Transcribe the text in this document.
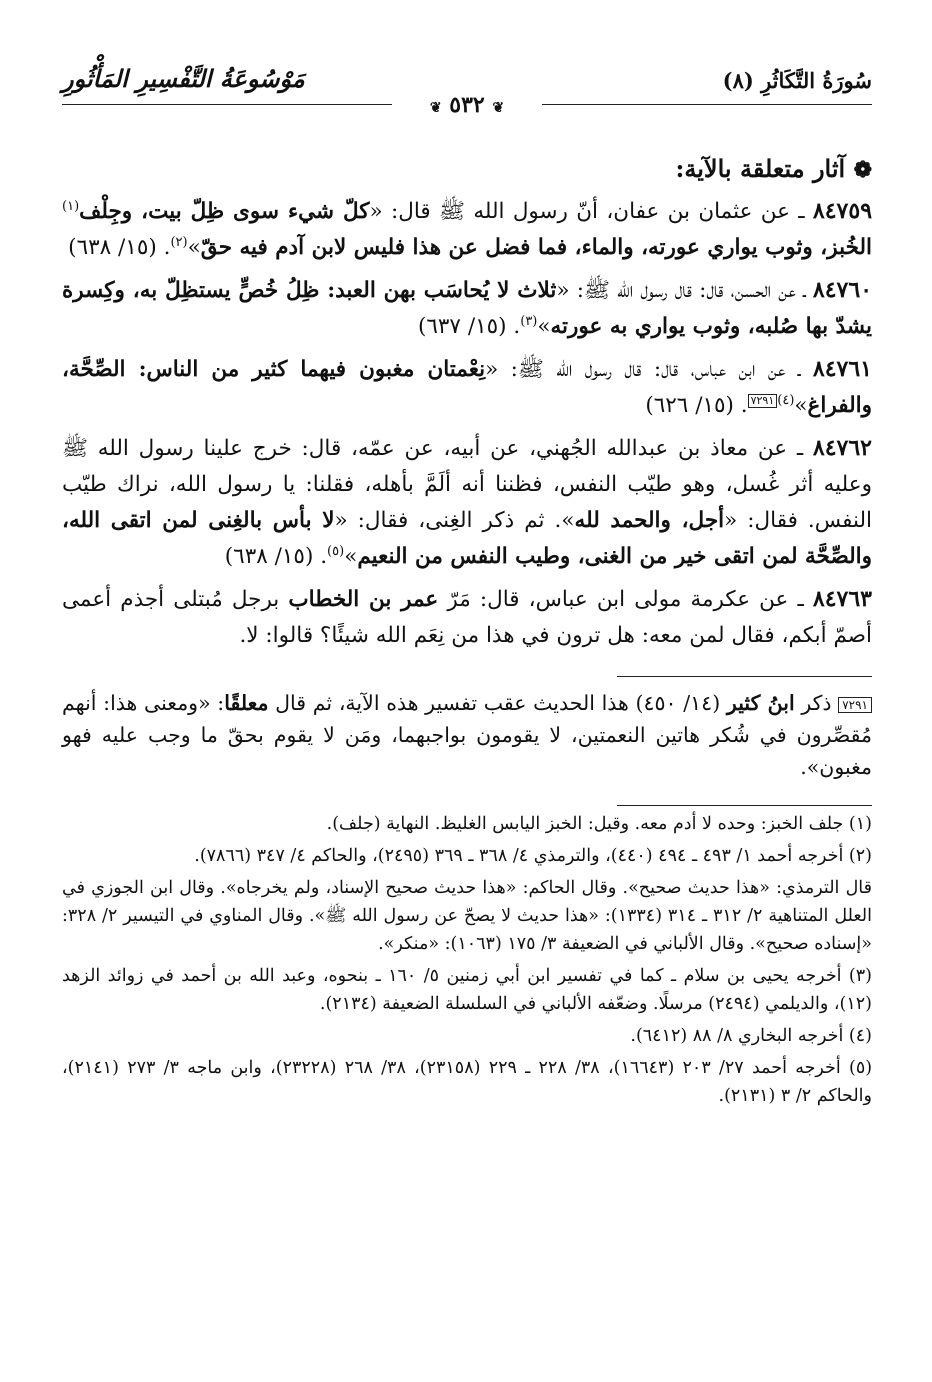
سُورَةُ التَّكَاثُرِ (٨)
مَوْسُوعَةُ التَّفْسِيرِ المَأْثُورِ
❦ ٥٣٢ ❦
❁ آثار متعلقة بالآية:
٨٤٧٥٩ ـ عن عثمان بن عفان، أنّ رسول الله ﷺ قال: «كلّ شيء سوى ظِلّ بيت، وجِلْف$^{(١)}$ الخُبز، وثوب يواري عورته، والماء، فما فضل عن هذا فليس لابن آدم فيه حقّ»$^{(٢)}$. (١٥/ ٦٣٨)
٨٤٧٦٠ ـ عن الحسن، قال: قال رسول الله ﷺ: «ثلاث لا يُحاسَب بهن العبد: ظِلُ خُصٍّ يستظِلّ به، وكِسرة يشدّ بها صُلبه، وثوب يواري به عورته»$^{(٣)}$. (١٥/ ٦٣٧)
٨٤٧٦١ ـ عن ابن عباس، قال: قال رسول الله ﷺ: «نِعْمتان مغبون فيهما كثير من الناس: الصِّحَّة، والفراغ»$^{(٤)}$٧٢٩١. (١٥/ ٦٢٦)
٨٤٧٦٢ ـ عن معاذ بن عبدالله الجُهني، عن أبيه، عن عمّه، قال: خرج علينا رسول الله ﷺ وعليه أثر غُسل، وهو طيّب النفس، فظننا أنه ألَمَّ بأهله، فقلنا: يا رسول الله، نراك طيّب النفس. فقال: «أجل، والحمد لله». ثم ذكر الغِنى، فقال: «لا بأس بالغِنى لمن اتقى الله، والصِّحَّة لمن اتقى خير من الغنى، وطيب النفس من النعيم»$^{(٥)}$. (١٥/ ٦٣٨)
٨٤٧٦٣ ـ عن عكرمة مولى ابن عباس، قال: مَرّ عمر بن الخطاب برجل مُبتلى أجذم أعمى أصمّ أبكم، فقال لمن معه: هل ترون في هذا من نِعَم الله شيئًا؟ قالوا: لا.
٧٢٩١ ذكر ابنُ كثير (١٤/ ٤٥٠) هذا الحديث عقب تفسير هذه الآية، ثم قال معلقًا: «ومعنى هذا: أنهم مُقصِّرون في شُكر هاتين النعمتين، لا يقومون بواجبهما، ومَن لا يقوم بحقّ ما وجب عليه فهو مغبون».

(١) جلف الخبز: وحده لا أدم معه. وقيل: الخبز اليابس الغليظ. النهاية (جلف).

(٢) أخرجه أحمد ١/ ٤٩٣ ـ ٤٩٤ (٤٤٠)، والترمذي ٤/ ٣٦٨ ـ ٣٦٩ (٢٤٩٥)، والحاكم ٤/ ٣٤٧ (٧٨٦٦).

قال الترمذي: «هذا حديث صحيح». وقال الحاكم: «هذا حديث صحيح الإسناد، ولم يخرجاه». وقال ابن الجوزي في العلل المتناهية ٢/ ٣١٢ ـ ٣١٤ (١٣٣٤): «هذا حديث لا يصحّ عن رسول الله ﷺ». وقال المناوي في التيسير ٢/ ٣٢٨: «إسناده صحيح». وقال الألباني في الضعيفة ٣/ ١٧٥ (١٠٦٣): «منكر».

(٣) أخرجه يحيى بن سلام ـ كما في تفسير ابن أبي زمنين ٥/ ١٦٠ ـ بنحوه، وعبد الله بن أحمد في زوائد الزهد (١٢)، والديلمي (٢٤٩٤) مرسلًا. وضعّفه الألباني في السلسلة الضعيفة (٢١٣٤).

(٤) أخرجه البخاري ٨/ ٨٨ (٦٤١٢).

(٥) أخرجه أحمد ٢٧/ ٢٠٣ (١٦٦٤٣)، ٣٨/ ٢٢٨ ـ ٢٢٩ (٢٣١٥٨)، ٣٨/ ٢٦٨ (٢٣٢٢٨)، وابن ماجه ٣/ ٢٧٣ (٢١٤١)، والحاكم ٢/ ٣ (٢١٣١).
